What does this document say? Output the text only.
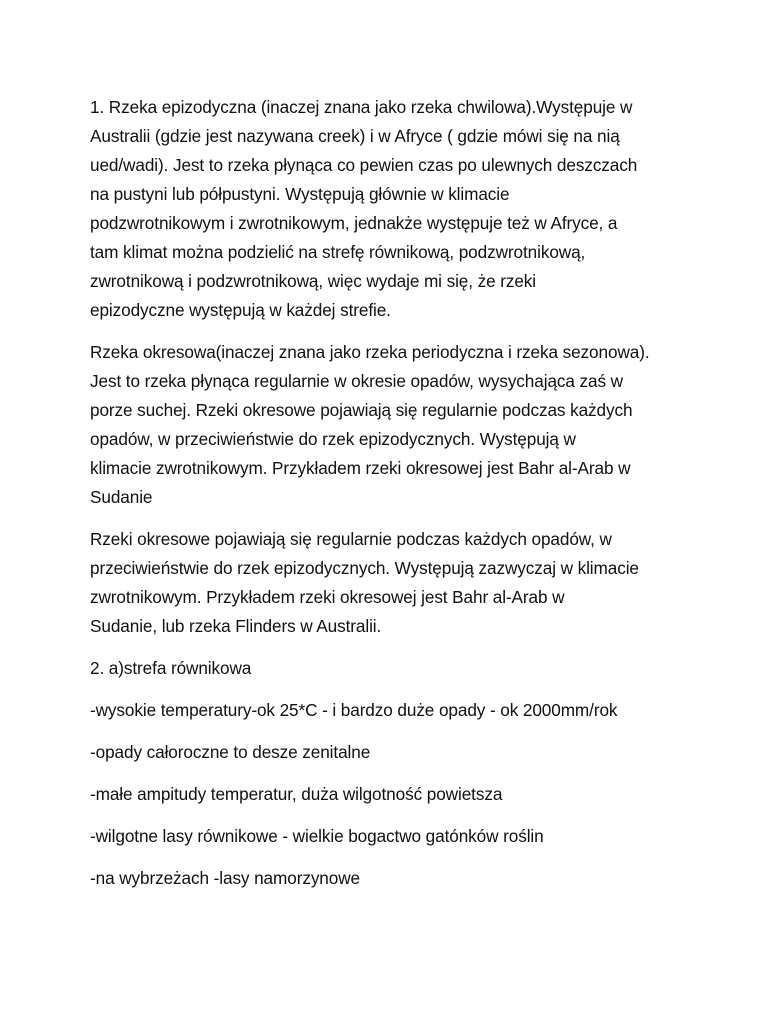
1. Rzeka epizodyczna (inaczej znana jako rzeka chwilowa).Występuje w
Australii (gdzie jest nazywana creek) i w Afryce ( gdzie mówi się na nią
ued/wadi). Jest to rzeka płynąca co pewien czas po ulewnych deszczach
na pustyni lub półpustyni. Występują głównie w klimacie
podzwrotnikowym i zwrotnikowym, jednakże występuje też w Afryce, a
tam klimat można podzielić na strefę równikową, podzwrotnikową,
zwrotnikową i podzwrotnikową, więc wydaje mi się, że rzeki
epizodyczne występują w każdej strefie.

Rzeka okresowa(inaczej znana jako rzeka periodyczna i rzeka sezonowa).
Jest to rzeka płynąca regularnie w okresie opadów, wysychająca zaś w
porze suchej. Rzeki okresowe pojawiają się regularnie podczas każdych
opadów, w przeciwieństwie do rzek epizodycznych. Występują w
klimacie zwrotnikowym. Przykładem rzeki okresowej jest Bahr al-Arab w
Sudanie

Rzeki okresowe pojawiają się regularnie podczas każdych opadów, w
przeciwieństwie do rzek epizodycznych. Występują zazwyczaj w klimacie
zwrotnikowym. Przykładem rzeki okresowej jest Bahr al-Arab w
Sudanie, lub rzeka Flinders w Australii.

2. a)strefa równikowa

-wysokie temperatury-ok 25*C - i bardzo duże opady - ok 2000mm/rok

-opady całoroczne to desze zenitalne

-małe ampitudy temperatur, duża wilgotność powietsza

-wilgotne lasy równikowe - wielkie bogactwo gatónków roślin

-na wybrzeżach -lasy namorzynowe
